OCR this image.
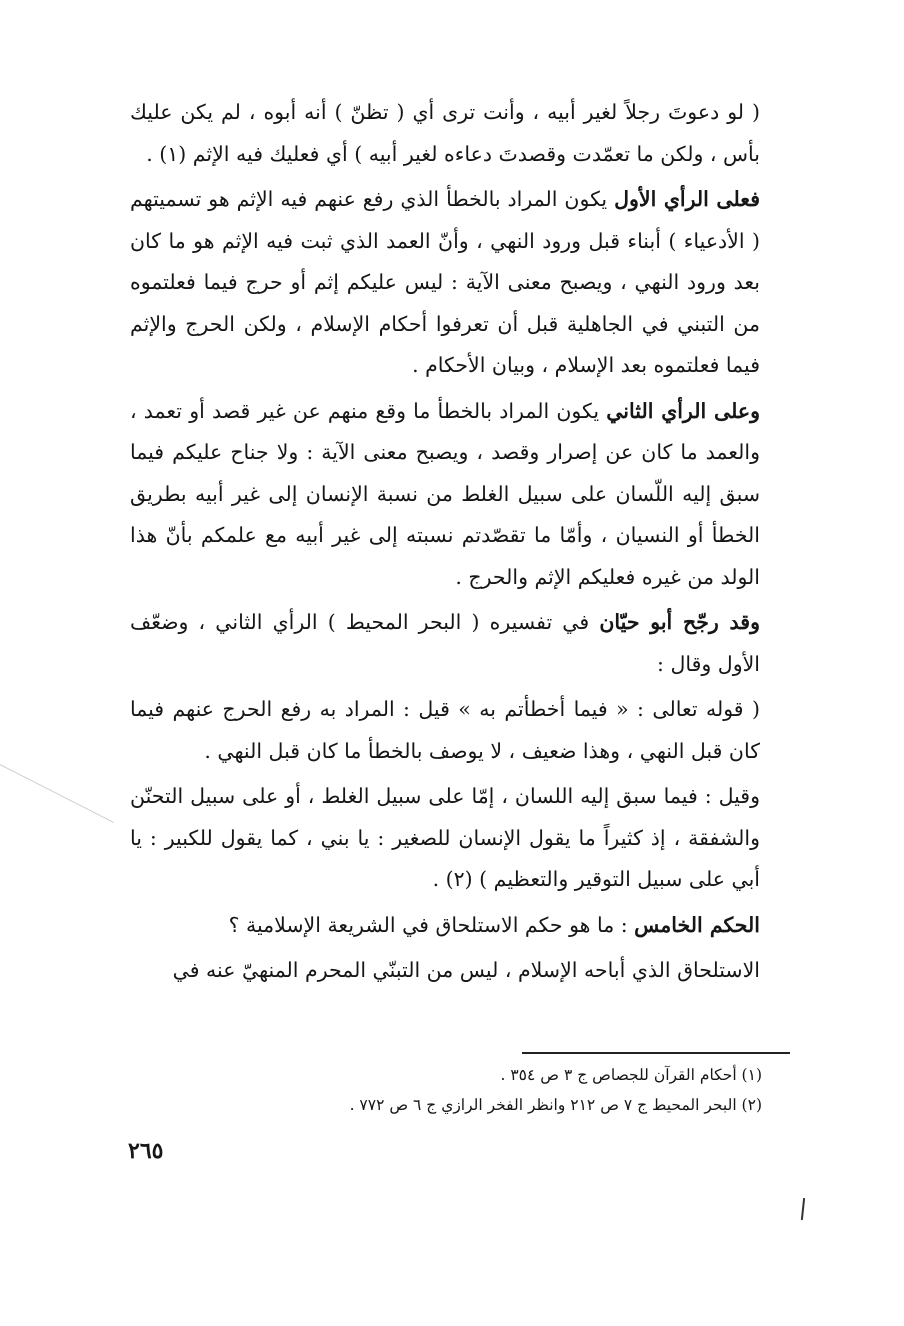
( لو دعوتَ رجلاً لغير أبيه ، وأنت ترى أي ( تظنّ ) أنه أبوه ، لم يكن عليك بأس ، ولكن ما تعمّدت وقصدتَ دعاءه لغير أبيه ) أي فعليك فيه الإثم (١) .

فعلى الرأي الأول يكون المراد بالخطأ الذي رفع عنهم فيه الإثم هو تسميتهم ( الأدعياء ) أبناء قبل ورود النهي ، وأنّ العمد الذي ثبت فيه الإثم هو ما كان بعد ورود النهي ، ويصبح معنى الآية : ليس عليكم إثم أو حرج فيما فعلتموه من التبني في الجاهلية قبل أن تعرفوا أحكام الإسلام ، ولكن الحرج والإثم فيما فعلتموه بعد الإسلام ، وبيان الأحكام .

وعلى الرأي الثاني يكون المراد بالخطأ ما وقع منهم عن غير قصد أو تعمد ، والعمد ما كان عن إصرار وقصد ، ويصبح معنى الآية : ولا جناح عليكم فيما سبق إليه اللّسان على سبيل الغلط من نسبة الإنسان إلى غير أبيه بطريق الخطأ أو النسيان ، وأمّا ما تقصّدتم نسبته إلى غير أبيه مع علمكم بأنّ هذا الولد من غيره فعليكم الإثم والحرج .

وقد رجّح أبو حيّان في تفسيره ( البحر المحيط ) الرأي الثاني ، وضعّف الأول وقال :

( قوله تعالى : « فيما أخطأتم به » قيل : المراد به رفع الحرج عنهم فيما كان قبل النهي ، وهذا ضعيف ، لا يوصف بالخطأ ما كان قبل النهي .

وقيل : فيما سبق إليه اللسان ، إمّا على سبيل الغلط ، أو على سبيل التحنّن والشفقة ، إذ كثيراً ما يقول الإنسان للصغير : يا بني ، كما يقول للكبير : يا أبي على سبيل التوقير والتعظيم ) (٢) .

الحكم الخامس : ما هو حكم الاستلحاق في الشريعة الإسلامية ؟

الاستلحاق الذي أباحه الإسلام ، ليس من التبنّي المحرم المنهيّ عنه في

(١) أحكام القرآن للجصاص ج ٣ ص ٣٥٤ .

(٢) البحر المحيط ج ٧ ص ٢١٢ وانظر الفخر الرازي ج ٦ ص ٧٧٢ .

٢٦٥
